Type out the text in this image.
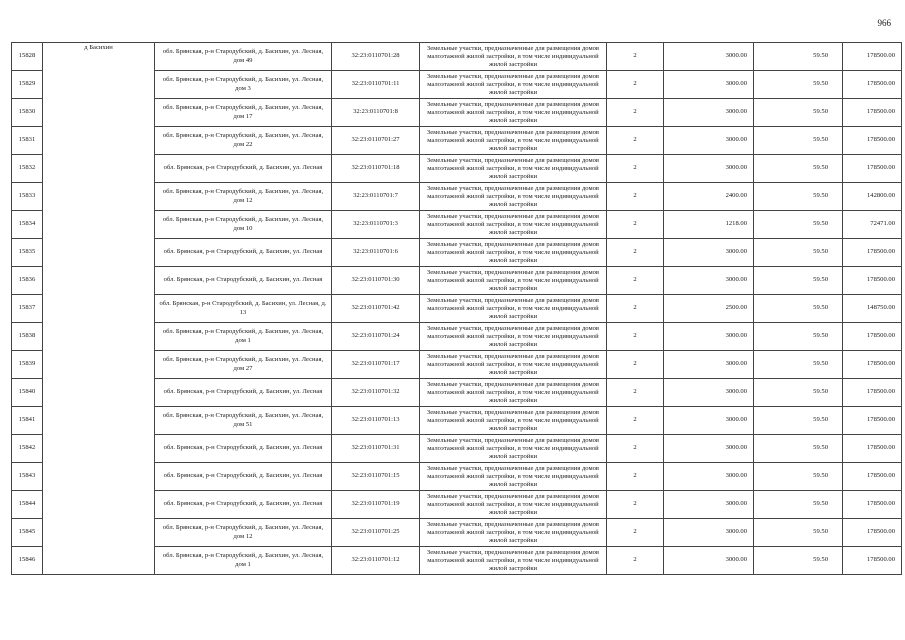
966
15828	д Басихин	обл. Брянская, р-н Стародубский, д. Басихин, ул. Лесная, дом 49	32:23:0110701:28	Земельные участки, предназначенные для размещения домов малоэтажной жилой застройки, в том числе индивидуальной жилой застройки	2	3000.00	59.50	178500.00
15829		обл. Брянская, р-н Стародубский, д. Басихин, ул. Лесная, дом 3	32:23:0110701:11	Земельные участки, предназначенные для размещения домов малоэтажной жилой застройки, в том числе индивидуальной жилой застройки	2	3000.00	59.50	178500.00
15830		обл. Брянская, р-н Стародубский, д. Басихин, ул. Лесная, дом 17	32:23:0110701:8	Земельные участки, предназначенные для размещения домов малоэтажной жилой застройки, в том числе индивидуальной жилой застройки	2	3000.00	59.50	178500.00
15831		обл. Брянская, р-н Стародубский, д. Басихин, ул. Лесная, дом 22	32:23:0110701:27	Земельные участки, предназначенные для размещения домов малоэтажной жилой застройки, в том числе индивидуальной жилой застройки	2	3000.00	59.50	178500.00
15832		обл. Брянская, р-н Стародубский, д. Басихин, ул. Лесная	32:23:0110701:18	Земельные участки, предназначенные для размещения домов малоэтажной жилой застройки, в том числе индивидуальной жилой застройки	2	3000.00	59.50	178500.00
15833		обл. Брянская, р-н Стародубский, д. Басихин, ул. Лесная, дом 12	32:23:0110701:7	Земельные участки, предназначенные для размещения домов малоэтажной жилой застройки, в том числе индивидуальной жилой застройки	2	2400.00	59.50	142800.00
15834		обл. Брянская, р-н Стародубский, д. Басихин, ул. Лесная, дом 10	32:23:0110701:3	Земельные участки, предназначенные для размещения домов малоэтажной жилой застройки, в том числе индивидуальной жилой застройки	2	1218.00	59.50	72471.00
15835		обл. Брянская, р-н Стародубский, д. Басихин, ул. Лесная	32:23:0110701:6	Земельные участки, предназначенные для размещения домов малоэтажной жилой застройки, в том числе индивидуальной жилой застройки	2	3000.00	59.50	178500.00
15836		обл. Брянская, р-н Стародубский, д. Басихин, ул. Лесная	32:23:0110701:30	Земельные участки, предназначенные для размещения домов малоэтажной жилой застройки, в том числе индивидуальной жилой застройки	2	3000.00	59.50	178500.00
15837		обл. Брянская, р-н Стародубский, д. Басихин, ул. Лесная, д. 13	32:23:0110701:42	Земельные участки, предназначенные для размещения домов малоэтажной жилой застройки, в том числе индивидуальной жилой застройки	2	2500.00	59.50	148750.00
15838		обл. Брянская, р-н Стародубский, д. Басихин, ул. Лесная, дом 1	32:23:0110701:24	Земельные участки, предназначенные для размещения домов малоэтажной жилой застройки, в том числе индивидуальной жилой застройки	2	3000.00	59.50	178500.00
15839		обл. Брянская, р-н Стародубский, д. Басихин, ул. Лесная, дом 27	32:23:0110701:17	Земельные участки, предназначенные для размещения домов малоэтажной жилой застройки, в том числе индивидуальной жилой застройки	2	3000.00	59.50	178500.00
15840		обл. Брянская, р-н Стародубский, д. Басихин, ул. Лесная	32:23:0110701:32	Земельные участки, предназначенные для размещения домов малоэтажной жилой застройки, в том числе индивидуальной жилой застройки	2	3000.00	59.50	178500.00
15841		обл. Брянская, р-н Стародубский, д. Басихин, ул. Лесная, дом 51	32:23:0110701:13	Земельные участки, предназначенные для размещения домов малоэтажной жилой застройки, в том числе индивидуальной жилой застройки	2	3000.00	59.50	178500.00
15842		обл. Брянская, р-н Стародубский, д. Басихин, ул. Лесная	32:23:0110701:31	Земельные участки, предназначенные для размещения домов малоэтажной жилой застройки, в том числе индивидуальной жилой застройки	2	3000.00	59.50	178500.00
15843		обл. Брянская, р-н Стародубский, д. Басихин, ул. Лесная	32:23:0110701:15	Земельные участки, предназначенные для размещения домов малоэтажной жилой застройки, в том числе индивидуальной жилой застройки	2	3000.00	59.50	178500.00
15844		обл. Брянская, р-н Стародубский, д. Басихин, ул. Лесная	32:23:0110701:19	Земельные участки, предназначенные для размещения домов малоэтажной жилой застройки, в том числе индивидуальной жилой застройки	2	3000.00	59.50	178500.00
15845		обл. Брянская, р-н Стародубский, д. Басихин, ул. Лесная, дом 12	32:23:0110701:25	Земельные участки, предназначенные для размещения домов малоэтажной жилой застройки, в том числе индивидуальной жилой застройки	2	3000.00	59.50	178500.00
15846		обл. Брянская, р-н Стародубский, д. Басихин, ул. Лесная, дом 1	32:23:0110701:12	Земельные участки, предназначенные для размещения домов малоэтажной жилой застройки, в том числе индивидуальной жилой застройки	2	3000.00	59.50	178500.00
